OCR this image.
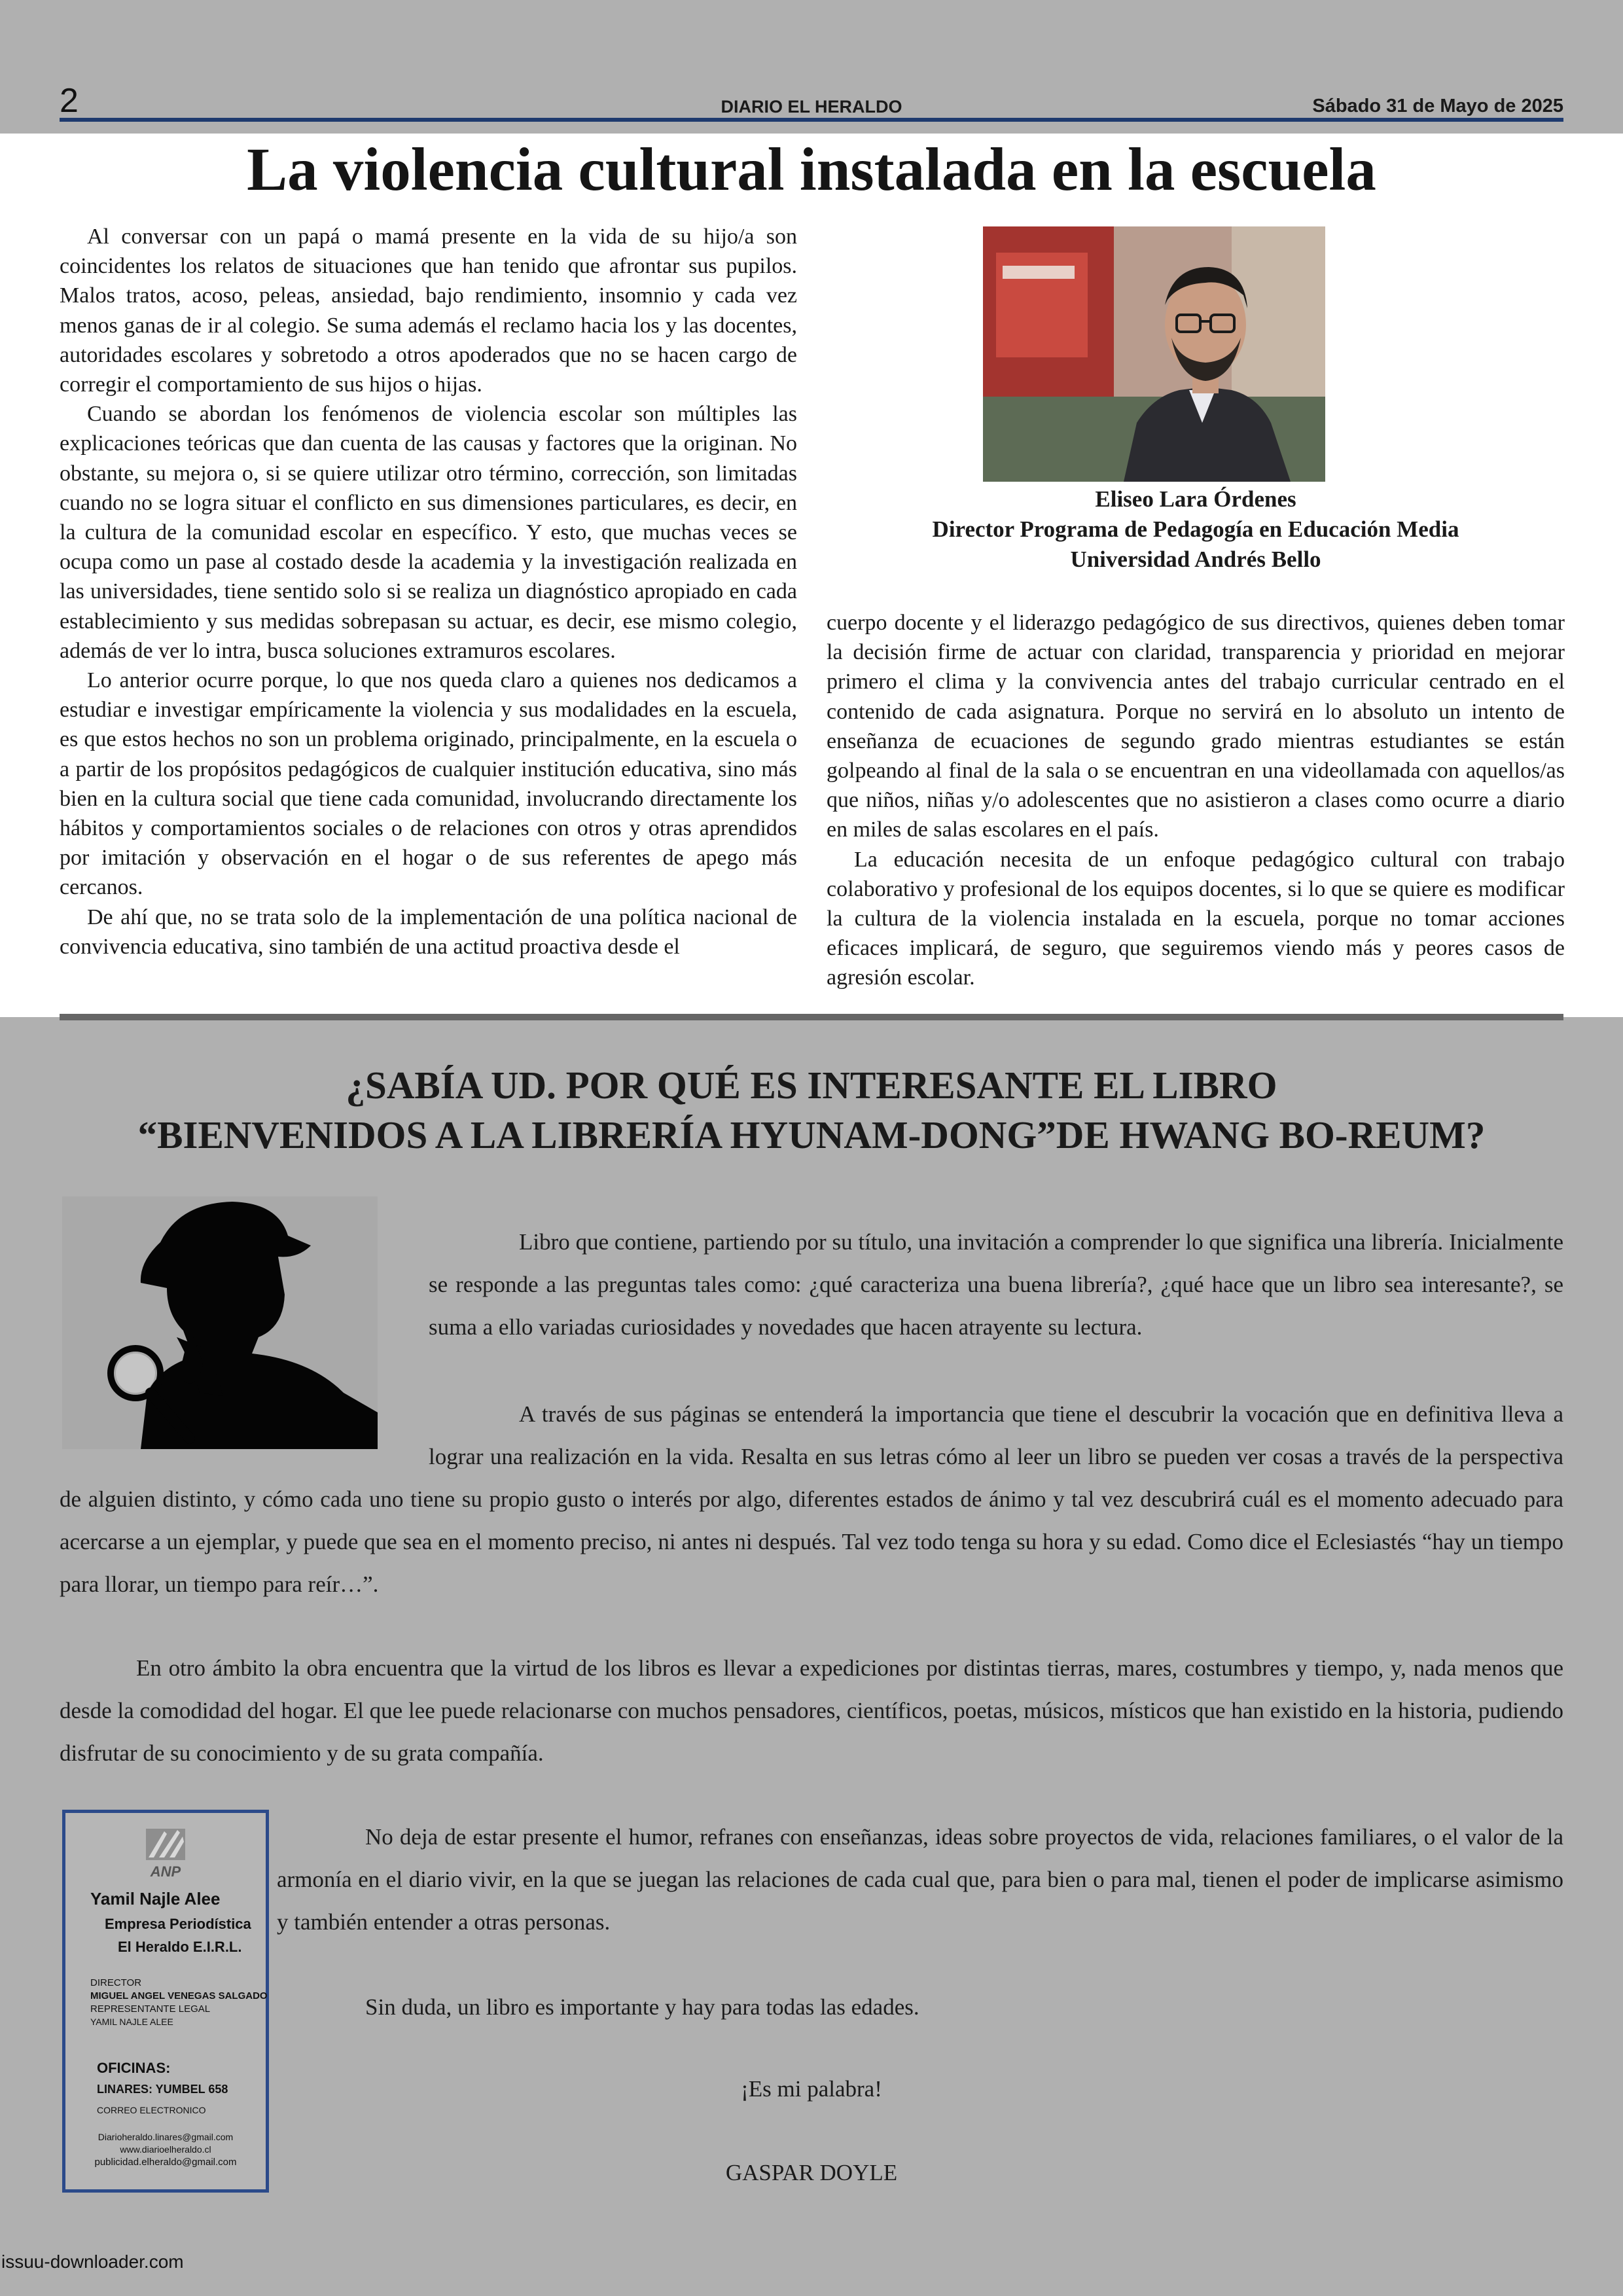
2	DIARIO EL HERALDO	Sábado 31 de Mayo de 2025
La violencia cultural instalada en la escuela

Al conversar con un papá o mamá presente en la vida de su hijo/a son coincidentes los relatos de situaciones que han tenido que afrontar sus pupilos. Malos tratos, acoso, peleas, ansiedad, bajo rendimiento, insomnio y cada vez menos ganas de ir al colegio. Se suma además el reclamo hacia los y las docentes, autoridades escolares y sobretodo a otros apoderados que no se hacen cargo de corregir el comportamiento de sus hijos o hijas.

Cuando se abordan los fenómenos de violencia escolar son múltiples las explicaciones teóricas que dan cuenta de las causas y factores que la originan. No obstante, su mejora o, si se quiere utilizar otro término, corrección, son limitadas cuando no se logra situar el conflicto en sus dimensiones particulares, es decir, en la cultura de la comunidad escolar en específico. Y esto, que muchas veces se ocupa como un pase al costado desde la academia y la investigación realizada en las universidades, tiene sentido solo si se realiza un diagnóstico apropiado en cada establecimiento y sus medidas sobrepasan su actuar, es decir, ese mismo colegio, además de ver lo intra, busca soluciones extramuros escolares.

Lo anterior ocurre porque, lo que nos queda claro a quienes nos dedicamos a estudiar e investigar empíricamente la violencia y sus modalidades en la escuela, es que estos hechos no son un problema originado, principalmente, en la escuela o a partir de los propósitos pedagógicos de cualquier institución educativa, sino más bien en la cultura social que tiene cada comunidad, involucrando directamente los hábitos y comportamientos sociales o de relaciones con otros y otras aprendidos por imitación y observación en el hogar o de sus referentes de apego más cercanos.

De ahí que, no se trata solo de la implementación de una política nacional de convivencia educativa, sino también de una actitud proactiva desde el

Eliseo Lara Órdenes
Director Programa de Pedagogía en Educación Media
Universidad Andrés Bello

cuerpo docente y el liderazgo pedagógico de sus directivos, quienes deben tomar la decisión firme de actuar con claridad, transparencia y prioridad en mejorar primero el clima y la convivencia antes del trabajo curricular centrado en el contenido de cada asignatura. Porque no servirá en lo absoluto un intento de enseñanza de ecuaciones de segundo grado mientras estudiantes se están golpeando al final de la sala o se encuentran en una videollamada con aquellos/as que niños, niñas y/o adolescentes que no asistieron a clases como ocurre a diario en miles de salas escolares en el país.

La educación necesita de un enfoque pedagógico cultural con trabajo colaborativo y profesional de los equipos docentes, si lo que se quiere es modificar la cultura de la violencia instalada en la escuela, porque no tomar acciones eficaces implicará, de seguro, que seguiremos viendo más y peores casos de agresión escolar.

¿SABÍA UD. POR QUÉ ES INTERESANTE EL LIBRO
“BIENVENIDOS A LA LIBRERÍA HYUNAM-DONG”DE HWANG BO-REUM?

Libro que contiene, partiendo por su título, una invitación a comprender lo que significa una librería. Inicialmente se responde a las preguntas tales como: ¿qué caracteriza una buena librería?, ¿qué hace que un libro sea interesante?, se suma a ello variadas curiosidades y novedades que hacen atrayente su lectura.

A través de sus páginas se entenderá la importancia que tiene el descubrir la vocación que en definitiva lleva a lograr una realización en la vida. Resalta en sus letras cómo al leer un libro se pueden ver cosas a través de la perspectiva de alguien distinto, y cómo cada uno tiene su propio gusto o interés por algo, diferentes estados de ánimo y tal vez descubrirá cuál es el momento adecuado para acercarse a un ejemplar, y puede que sea en el momento preciso, ni antes ni después. Tal vez todo tenga su hora y su edad. Como dice el Eclesiastés “hay un tiempo para llorar, un tiempo para reír…”.

En otro ámbito la obra encuentra que la virtud de los libros es llevar a expediciones por distintas tierras, mares, costumbres y tiempo, y, nada menos que desde la comodidad del hogar. El que lee puede relacionarse con muchos pensadores, científicos, poetas, músicos, místicos que han existido en la historia, pudiendo disfrutar de su conocimiento y de su grata compañía.

No deja de estar presente el humor, refranes con enseñanzas, ideas sobre proyectos de vida, relaciones familiares, o el valor de la armonía en el diario vivir, en la que se juegan las relaciones de cada cual que, para bien o para mal, tienen el poder de implicarse asimismo y también entender a otras personas.

Sin duda, un libro es importante y hay para todas las edades.

¡Es mi palabra!
GASPAR DOYLE
ANP
Yamil Najle Alee
Empresa Periodística
El Heraldo E.I.R.L.
DIRECTOR
MIGUEL ANGEL VENEGAS SALGADO
REPRESENTANTE LEGAL
YAMIL NAJLE ALEE
OFICINAS:
LINARES: YUMBEL 658
CORREO ELECTRONICO
Diarioheraldo.linares@gmail.com
www.diarioelheraldo.cl
publicidad.elheraldo@gmail.com
issuu-downloader.com
